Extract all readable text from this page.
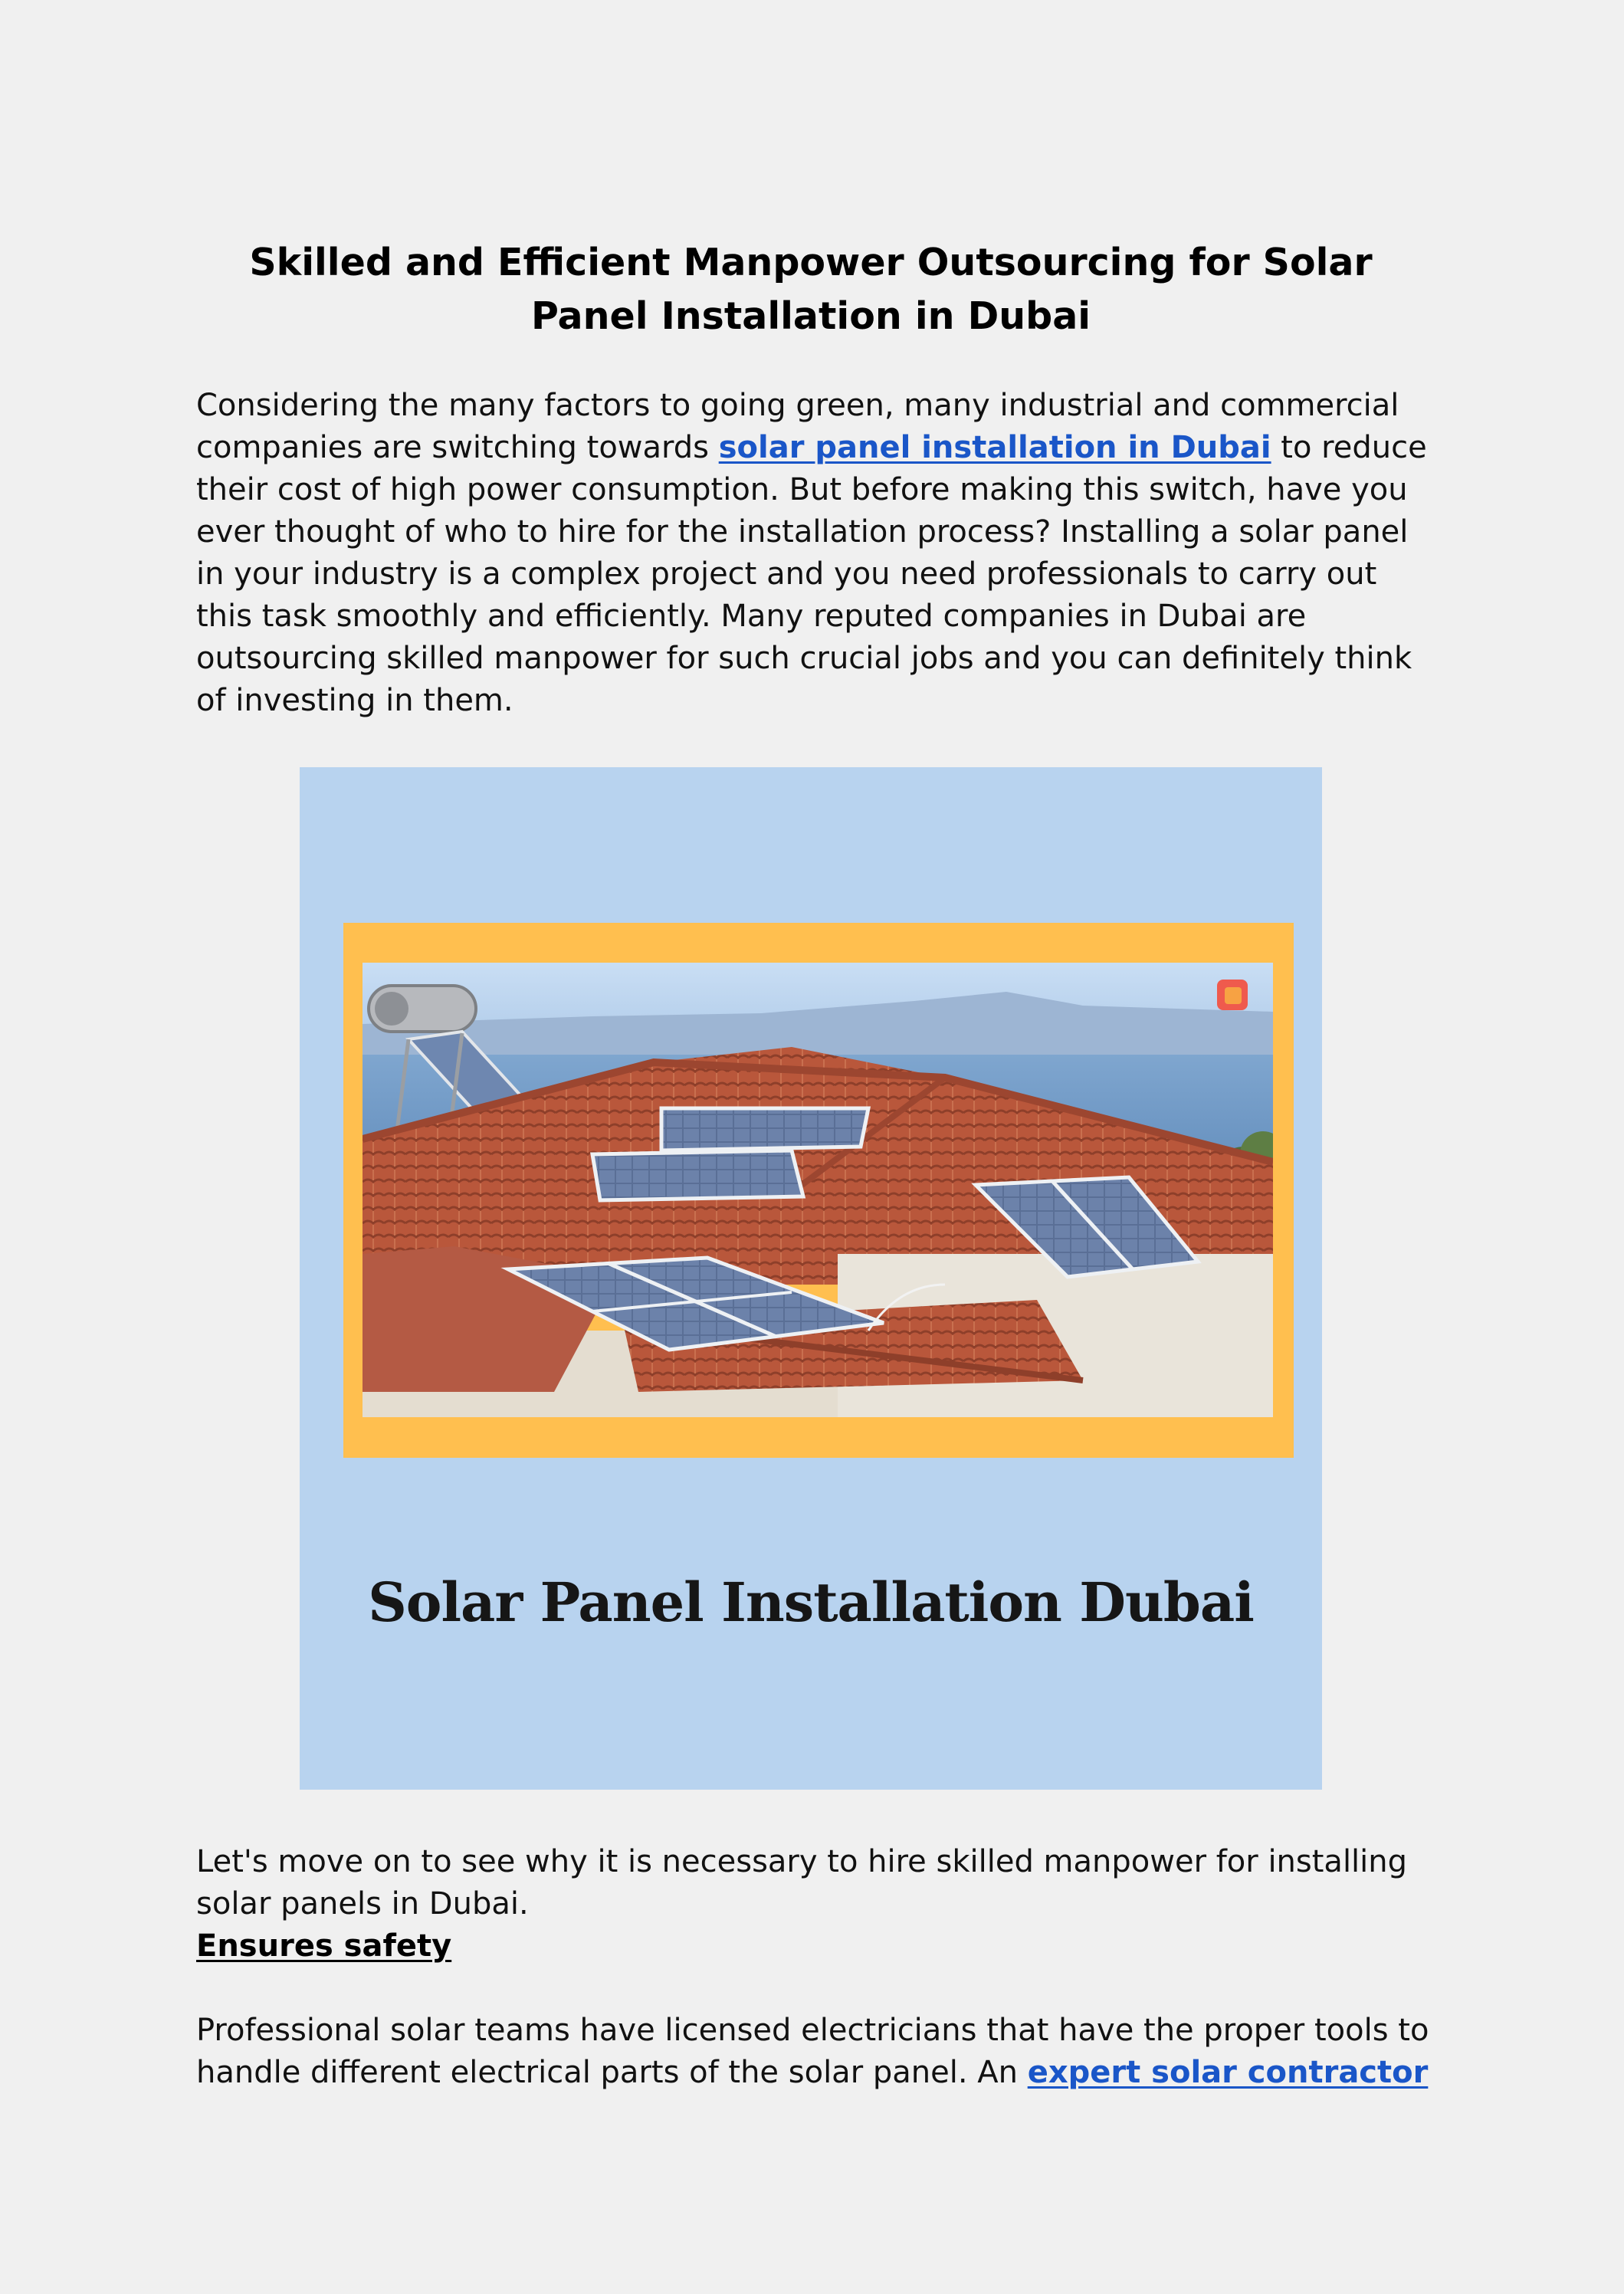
Skilled and Efficient Manpower Outsourcing for Solar Panel Installation in Dubai

Considering the many factors to going green, many industrial and commercial companies are switching towards solar panel installation in Dubai to reduce their cost of high power consumption. But before making this switch, have you ever thought of who to hire for the installation process? Installing a solar panel in your industry is a complex project and you need professionals to carry out this task smoothly and efficiently. Many reputed companies in Dubai are outsourcing skilled manpower for such crucial jobs and you can definitely think of investing in them.

Solar Panel Installation Dubai

Let's move on to see why it is necessary to hire skilled manpower for installing solar panels in Dubai.

Ensures safety

Professional solar teams have licensed electricians that have the proper tools to handle different electrical parts of the solar panel. An expert solar contractor
